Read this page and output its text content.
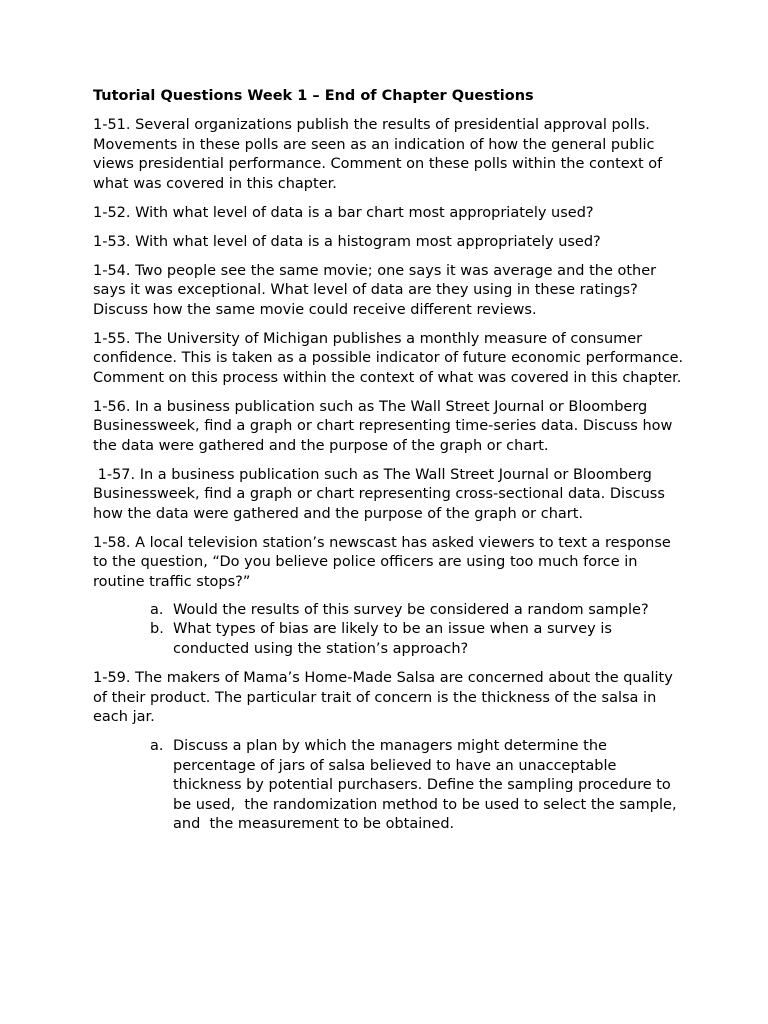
Tutorial Questions Week 1 – End of Chapter Questions

1-51. Several organizations publish the results of presidential approval polls. Movements in these polls are seen as an indication of how the general public views presidential performance. Comment on these polls within the context of what was covered in this chapter.

1-52. With what level of data is a bar chart most appropriately used?

1-53. With what level of data is a histogram most appropriately used?

1-54. Two people see the same movie; one says it was average and the other says it was exceptional. What level of data are they using in these ratings? Discuss how the same movie could receive different reviews.

1-55. The University of Michigan publishes a monthly measure of consumer confidence. This is taken as a possible indicator of future economic performance. Comment on this process within the context of what was covered in this chapter.

1-56. In a business publication such as The Wall Street Journal or Bloomberg Businessweek, find a graph or chart representing time-series data. Discuss how the data were gathered and the purpose of the graph or chart.

1-57. In a business publication such as The Wall Street Journal or Bloomberg Businessweek, find a graph or chart representing cross-sectional data. Discuss how the data were gathered and the purpose of the graph or chart.

1-58. A local television station’s newscast has asked viewers to text a response to the question, “Do you believe police officers are using too much force in routine traffic stops?”

a. Would the results of this survey be considered a random sample?
b. What types of bias are likely to be an issue when a survey is conducted using the station’s approach?

1-59. The makers of Mama’s Home-Made Salsa are concerned about the quality of their product. The particular trait of concern is the thickness of the salsa in each jar.

a. Discuss a plan by which the managers might determine the percentage of jars of salsa believed to have an unacceptable thickness by potential purchasers. Define the sampling procedure to be used,  the randomization method to be used to select the sample, and  the measurement to be obtained.
